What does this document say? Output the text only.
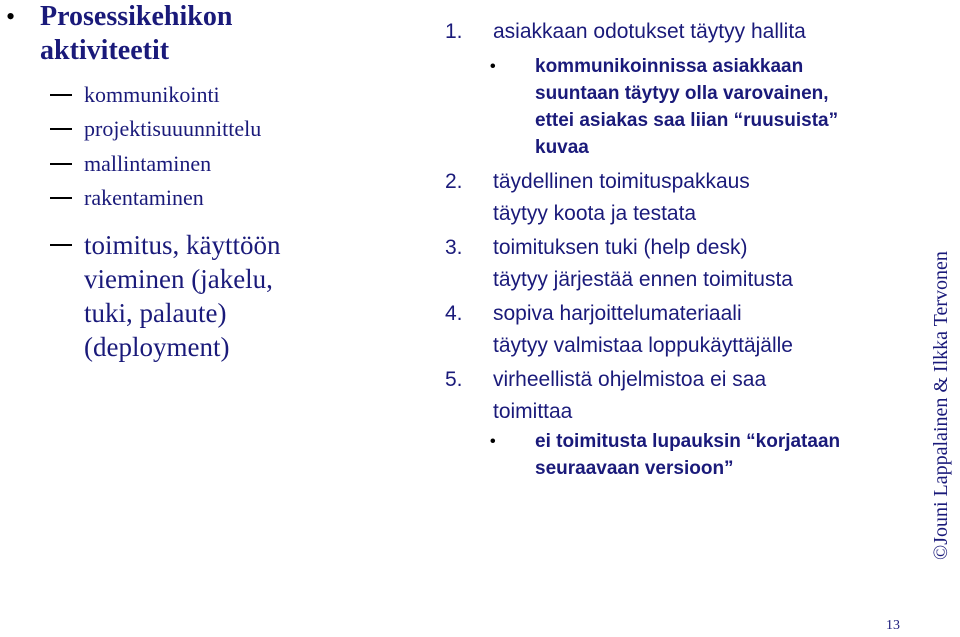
• Prosessikehikon
aktiviteetit
kommunikointi
projektisuuunnittelu
mallintaminen
rakentaminen
toimitus, käyttöön
vieminen (jakelu,
tuki, palaute)
(deployment)
1. asiakkaan odotukset täytyy hallita
• kommunikoinnissa asiakkaan
suuntaan täytyy olla varovainen,
ettei asiakas saa liian “ruusuista”
kuvaa
2. täydellinen toimituspakkaus
täytyy koota ja testata
3. toimituksen tuki (help desk)
täytyy järjestää ennen toimitusta
4. sopiva harjoittelumateriaali
täytyy valmistaa loppukäyttäjälle
5. virheellistä ohjelmistoa ei saa
toimittaa
• ei toimitusta lupauksin “korjataan
seuraavaan versioon”	©Jouni Lappalainen & Ilkka Tervonen
13
